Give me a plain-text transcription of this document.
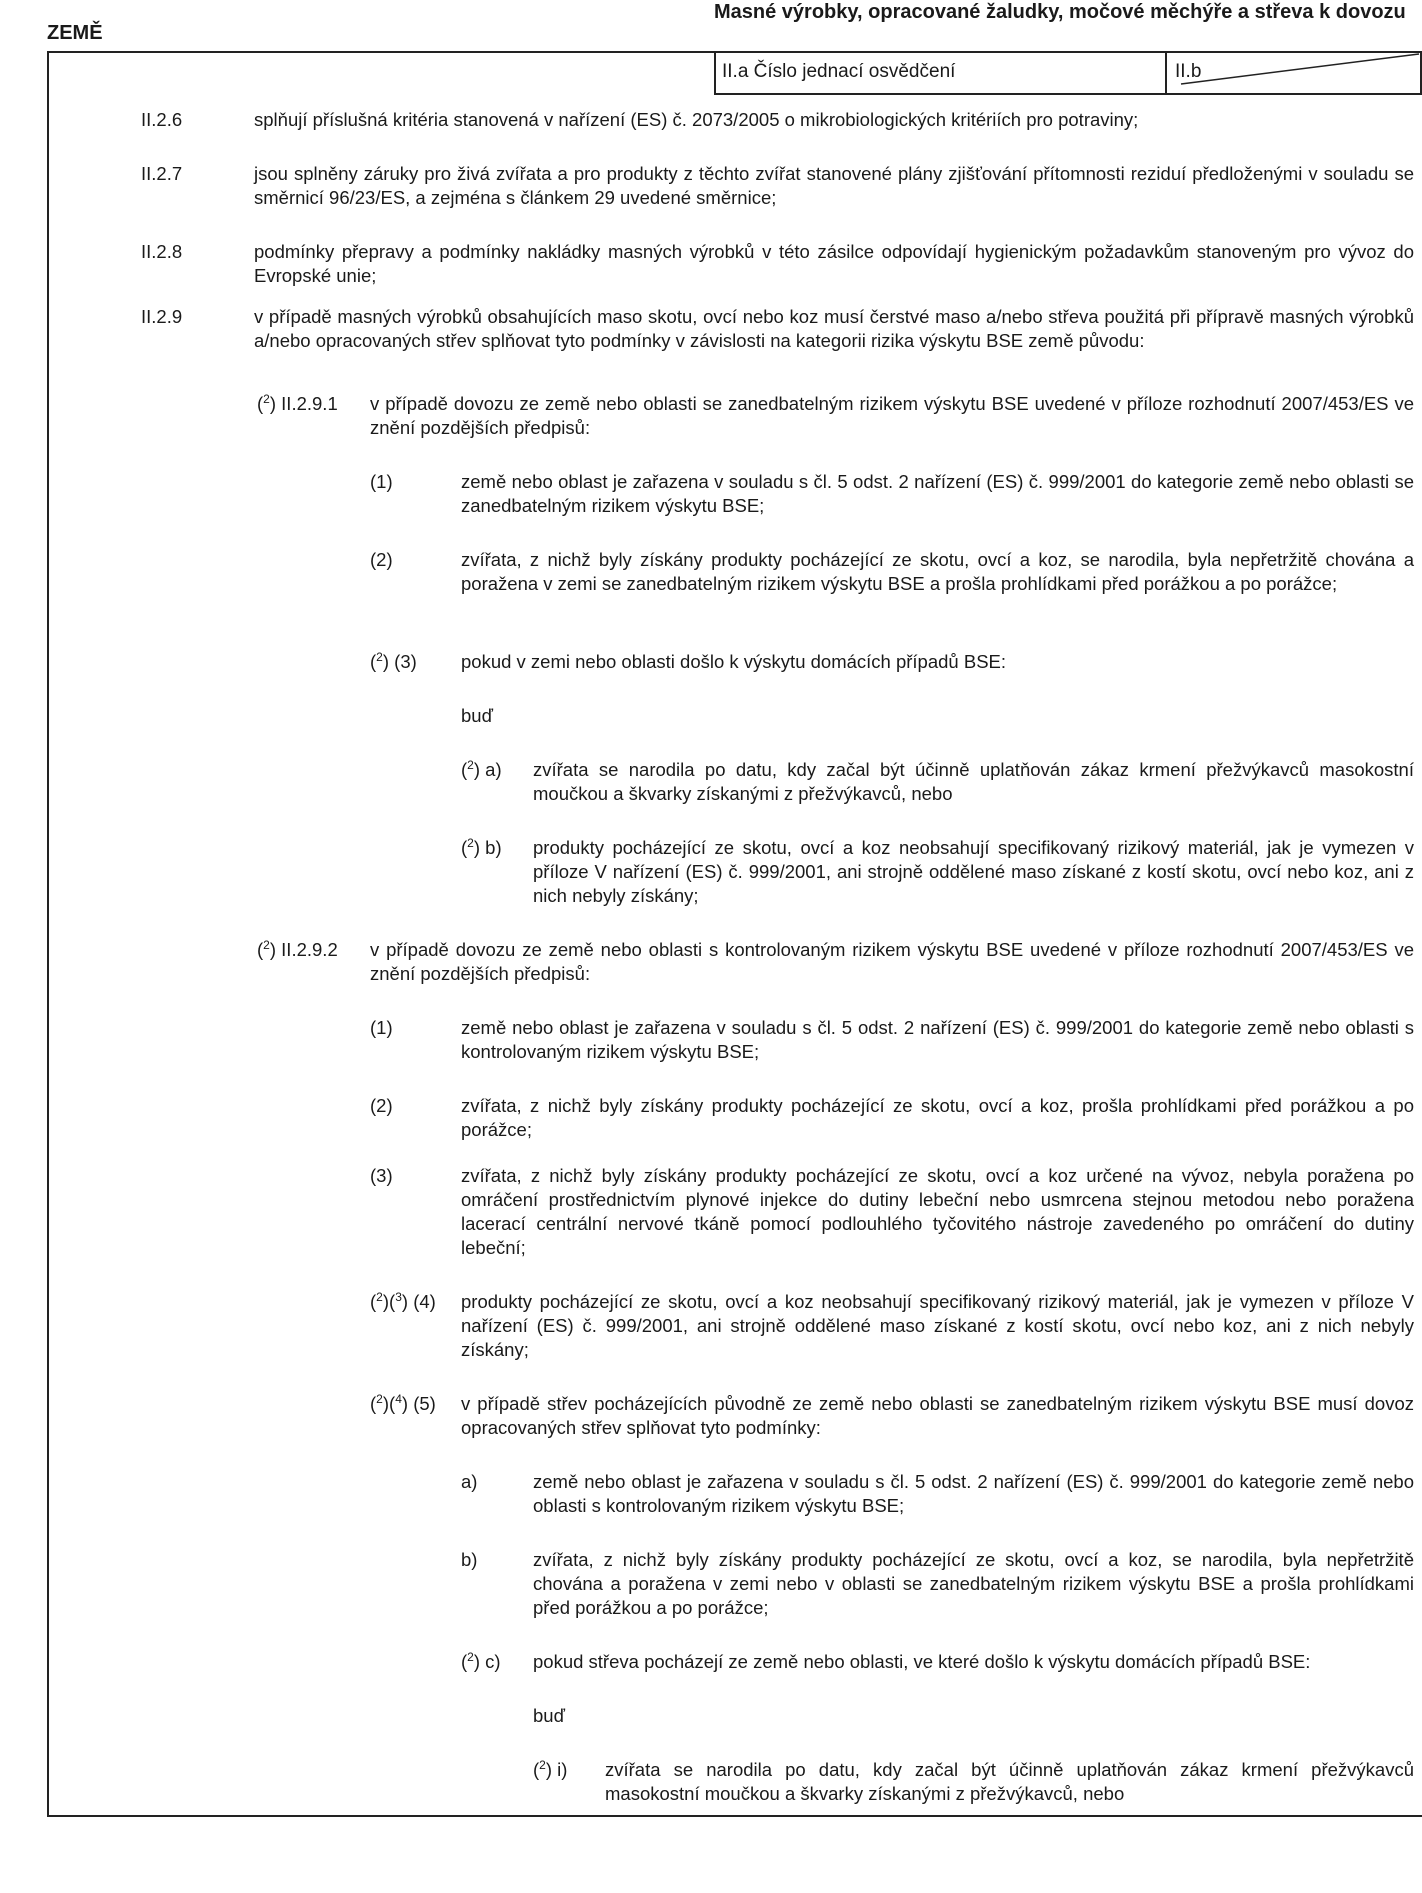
ZEMĚ
Masné výrobky, opracované žaludky, močové měchýře a střeva k dovozu
II.a Číslo jednací osvědčení	II.b
II.2.6	splňují příslušná kritéria stanovená v nařízení (ES) č. 2073/2005 o mikrobiologických kritériích pro potraviny;
II.2.7	jsou splněny záruky pro živá zvířata a pro produkty z těchto zvířat stanovené plány zjišťování přítomnosti reziduí předloženými v souladu se směrnicí 96/23/ES, a zejména s článkem 29 uvedené směrnice;
II.2.8	podmínky přepravy a podmínky nakládky masných výrobků v této zásilce odpovídají hygienickým požadavkům stanoveným pro vývoz do Evropské unie;
II.2.9	v případě masných výrobků obsahujících maso skotu, ovcí nebo koz musí čerstvé maso a/nebo střeva použitá při přípravě masných výrobků a/nebo opracovaných střev splňovat tyto podmínky v závislosti na kategorii rizika výskytu BSE země původu:
($^2$) II.2.9.1 v případě dovozu ze země nebo oblasti se zanedbatelným rizikem výskytu BSE uvedené v příloze rozhodnutí 2007/453/ES ve znění pozdějších předpisů:
(1)	země nebo oblast je zařazena v souladu s čl. 5 odst. 2 nařízení (ES) č. 999/2001 do kategorie země nebo oblasti se zanedbatelným rizikem výskytu BSE;
(2)	zvířata, z nichž byly získány produkty pocházející ze skotu, ovcí a koz, se narodila, byla nepřetržitě chována a poražena v zemi se zanedbatelným rizikem výskytu BSE a prošla prohlídkami před porážkou a po porážce;
($^2$) (3) pokud v zemi nebo oblasti došlo k výskytu domácích případů BSE:
buď
($^2$) a) zvířata se narodila po datu, kdy začal být účinně uplatňován zákaz krmení přežvýkavců masokostní moučkou a škvarky získanými z přežvýkavců, nebo
($^2$) b) produkty pocházející ze skotu, ovcí a koz neobsahují specifikovaný rizikový materiál, jak je vymezen v příloze V nařízení (ES) č. 999/2001, ani strojně oddělené maso získané z kostí skotu, ovcí nebo koz, ani z nich nebyly získány;
($^2$) II.2.9.2 v případě dovozu ze země nebo oblasti s kontrolovaným rizikem výskytu BSE uvedené v příloze rozhodnutí 2007/453/ES ve znění pozdějších předpisů:
(1)	země nebo oblast je zařazena v souladu s čl. 5 odst. 2 nařízení (ES) č. 999/2001 do kategorie země nebo oblasti s kontrolovaným rizikem výskytu BSE;
(2)	zvířata, z nichž byly získány produkty pocházející ze skotu, ovcí a koz, prošla prohlídkami před porážkou a po porážce;
(3)	zvířata, z nichž byly získány produkty pocházející ze skotu, ovcí a koz určené na vývoz, nebyla poražena po omráčení prostřednictvím plynové injekce do dutiny lebeční nebo usmrcena stejnou metodou nebo poražena lacerací centrální nervové tkáně pomocí podlouhlého tyčovitého nástroje zavedeného po omráčení do dutiny lebeční;
($^2$)($^3$) (4) produkty pocházející ze skotu, ovcí a koz neobsahují specifikovaný rizikový materiál, jak je vymezen v příloze V nařízení (ES) č. 999/2001, ani strojně oddělené maso získané z kostí skotu, ovcí nebo koz, ani z nich nebyly získány;
($^2$)($^4$) (5) v případě střev pocházejících původně ze země nebo oblasti se zanedbatelným rizikem výskytu BSE musí dovoz opracovaných střev splňovat tyto podmínky:
a)	země nebo oblast je zařazena v souladu s čl. 5 odst. 2 nařízení (ES) č. 999/2001 do kategorie země nebo oblasti s kontrolovaným rizikem výskytu BSE;
b)	zvířata, z nichž byly získány produkty pocházející ze skotu, ovcí a koz, se narodila, byla nepřetržitě chována a poražena v zemi nebo v oblasti se zanedbatelným rizikem výskytu BSE a prošla prohlídkami před porážkou a po porážce;
($^2$) c) pokud střeva pocházejí ze země nebo oblasti, ve které došlo k výskytu domácích případů BSE:
buď
($^2$) i) zvířata se narodila po datu, kdy začal být účinně uplatňován zákaz krmení přežvýkavců masokostní moučkou a škvarky získanými z přežvýkavců, nebo
